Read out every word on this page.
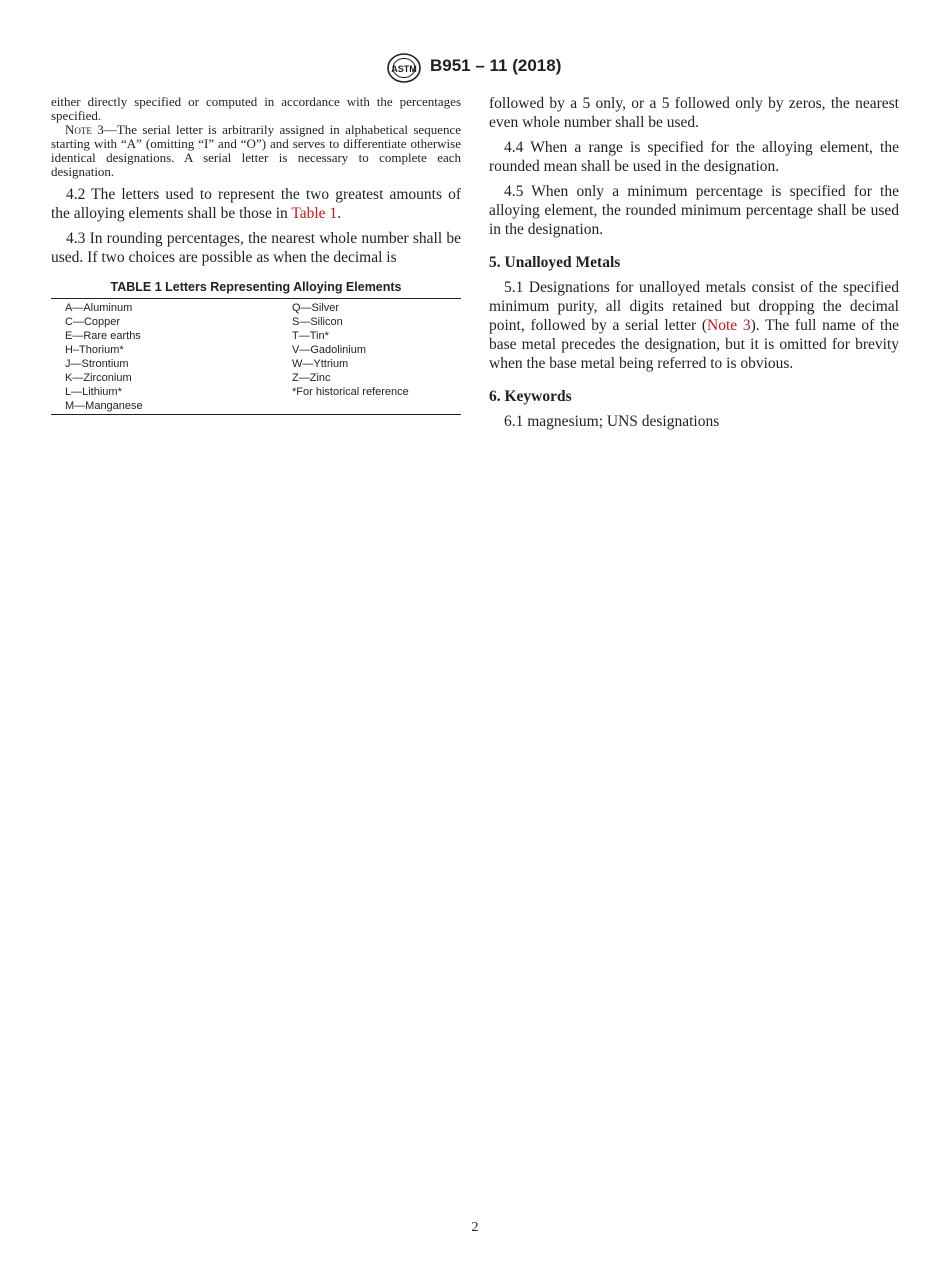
ASTM B951 – 11 (2018)

either directly specified or computed in accordance with the percentages specified.

Note 3—The serial letter is arbitrarily assigned in alphabetical sequence starting with “A” (omitting “I” and “O”) and serves to differentiate otherwise identical designations. A serial letter is necessary to complete each designation.

4.2 The letters used to represent the two greatest amounts of the alloying elements shall be those in Table 1.

4.3 In rounding percentages, the nearest whole number shall be used. If two choices are possible as when the decimal is

TABLE 1 Letters Representing Alloying Elements

A—Aluminum
C—Copper
E—Rare earths
H–Thorium*
J—Strontium
K—Zirconium
L—Lithium*
M—Manganese
Q—Silver
S—Silicon
T—Tin*
V—Gadolinium
W—Yttrium
Z—Zinc
*For historical reference

followed by a 5 only, or a 5 followed only by zeros, the nearest even whole number shall be used.

4.4 When a range is specified for the alloying element, the rounded mean shall be used in the designation.

4.5 When only a minimum percentage is specified for the alloying element, the rounded minimum percentage shall be used in the designation.

5. Unalloyed Metals

5.1 Designations for unalloyed metals consist of the specified minimum purity, all digits retained but dropping the decimal point, followed by a serial letter (Note 3). The full name of the base metal precedes the designation, but it is omitted for brevity when the base metal being referred to is obvious.

6. Keywords

6.1 magnesium; UNS designations

2
